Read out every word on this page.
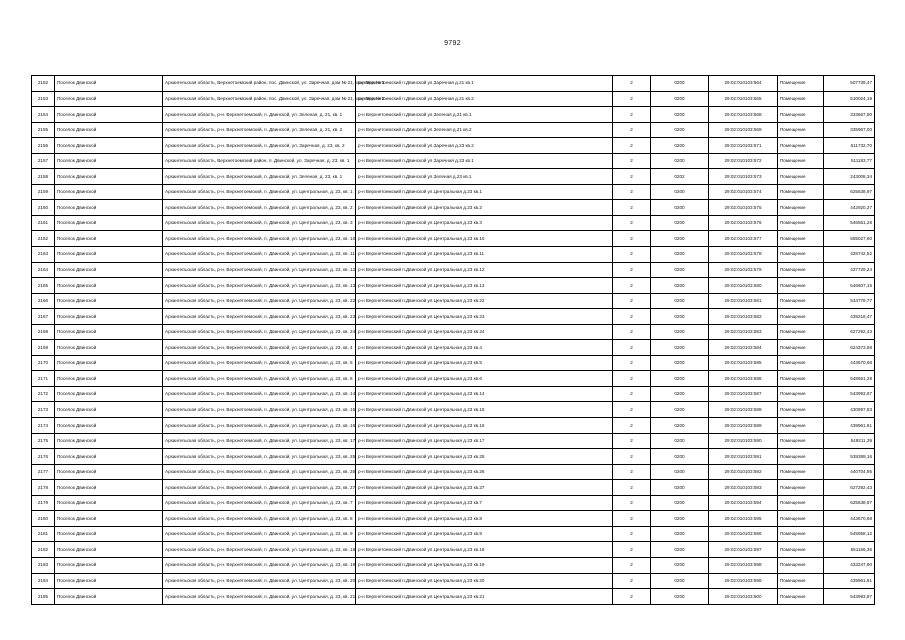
9792
2152	Поселок Двинской	Архангельская область, Верхнетоемский район, пос. Двинской, ул. Заречная, дом № 21, квартира № 1	р-н Верхнетоемский п.Двинской ул.Заречная д.21 кв.1	2	0200	29:02:010103:564	Помещение	507739,47
2153	Поселок Двинской	Архангельская область, Верхнетоемский район, пос. Двинской, ул. Заречная, дом № 21, квартира № 2	р-н Верхнетоемский п.Двинской ул.Заречная д.21 кв.2	2	0200	29:02:010103:565	Помещение	510024,19
2154	Поселок Двинской	Архангельская область, р-н. Верхнетоемский, п. Двинской, ул. Зеленая, д. 21, кв. 1	р-н Верхнетоемский п.Двинской ул.Зеленая д.21 кв.1	2	0200	29:02:010103:568	Помещение	333667,90
2155	Поселок Двинской	Архангельская область, р-н. Верхнетоемский, п. Двинской, ул. Зеленая, д. 21, кв. 2	р-н Верхнетоемский п.Двинской ул.Зеленая д.21 кв.2	2	0200	29:02:010103:569	Помещение	335967,00
2156	Поселок Двинской	Архангельская область, р-н. Верхнетоемский, п. Двинской, ул. Заречная, д. 23, кв. 2	р-н Верхнетоемский п.Двинской ул.Заречная д.23 кв.2	2	0200	29:02:010103:571	Помещение	511732,70
2157	Поселок Двинской	Архангельская область, Верхнетоемский район, п. Двинской, ул. Заречная, д. 23, кв. 1	р-н Верхнетоемский п.Двинской ул.Заречная д.23 кв.1	2	0200	29:02:010103:572	Помещение	511183,77
2158	Поселок Двинской	Архангельская область, р-н. Верхнетоемский, п. Двинской, ул. Зеленая, д. 23, кв. 1	р-н Верхнетоемский п.Двинской ул.Зеленая д.23 кв.1	2	0202	29:02:010103:573	Помещение	243008,34
2159	Поселок Двинской	Архангельская область, р-н. Верхнетоемский, п. Двинской, ул. Центральная, д. 23, кв. 1	р-н Верхнетоемский п.Двинской ул.Центральная д.23 кв.1	2	0200	29:02:010103:574	Помещение	625638,97
2160	Поселок Двинской	Архангельская область, р-н. Верхнетоемский, п. Двинской, ул. Центральная, д. 23, кв. 2	р-н Верхнетоемский п.Двинской ул.Центральная д.23 кв.2	2	0200	29:02:010103:575	Помещение	442920,27
2161	Поселок Двинской	Архангельская область, р-н. Верхнетоемский, п. Двинской, ул. Центральная, д. 23, кв. 3	р-н Верхнетоемский п.Двинской ул.Центральная д.23 кв.3	2	0200	29:02:010103:576	Помещение	546561,28
2162	Поселок Двинской	Архангельская область, р-н. Верхнетоемский, п. Двинской, ул. Центральная, д. 23, кв. 10	р-н Верхнетоемский п.Двинской ул.Центральная д.23 кв.10	2	0200	29:02:010103:577	Помещение	555027,60
2163	Поселок Двинской	Архангельская область, р-н. Верхнетоемский, п. Двинской, ул. Центральная, д. 23, кв. 11	р-н Верхнетоемский п.Двинской ул.Центральная д.23 кв.11	2	0200	29:02:010103:578	Помещение	428742,52
2164	Поселок Двинской	Архангельская область, р-н. Верхнетоемский, п. Двинской, ул. Центральная, д. 23, кв. 12	р-н Верхнетоемский п.Двинской ул.Центральная д.23 кв.12	2	0200	29:02:010103:579	Помещение	437729,24
2165	Поселок Двинской	Архангельская область, р-н. Верхнетоемский, п. Двинской, ул. Центральная, д. 23, кв. 13	р-н Верхнетоемский п.Двинской ул.Центральная д.23 кв.13	2	0200	29:02:010103:580	Помещение	546607,15
2166	Поселок Двинской	Архангельская область, р-н. Верхнетоемский, п. Двинской, ул. Центральная, д. 23, кв. 22	р-н Верхнетоемский п.Двинской ул.Центральная д.23 кв.22	2	0200	29:02:010103:581	Помещение	534778,77
2167	Поселок Двинской	Архангельская область, р-н. Верхнетоемский, п. Двинской, ул. Центральная, д. 23, кв. 23	р-н Верхнетоемский п.Двинской ул.Центральная д.23 кв.23	2	0200	29:02:010103:582	Помещение	439218,47
2168	Поселок Двинской	Архангельская область, р-н. Верхнетоемский, п. Двинской, ул. Центральная, д. 23, кв. 24	р-н Верхнетоемский п.Двинской ул.Центральная д.23 кв.24	2	0200	29:02:010103:583	Помещение	627292,43
2169	Поселок Двинской	Архангельская область, р-н. Верхнетоемский, п. Двинской, ул. Центральная, д. 23, кв. 4	р-н Верхнетоемский п.Двинской ул.Центральная д.23 кв.4	2	0200	29:02:010103:584	Помещение	624373,58
2170	Поселок Двинской	Архангельская область, р-н. Верхнетоемский, п. Двинской, ул. Центральная, д. 23, кв. 5	р-н Верхнетоемский п.Двинской ул.Центральная д.23 кв.5	2	0200	29:02:010103:585	Помещение	443670,68
2171	Поселок Двинской	Архангельская область, р-н. Верхнетоемский, п. Двинской, ул. Центральная, д. 23, кв. 6	р-н Верхнетоемский п.Двинской ул.Центральная д.23 кв.6	2	0200	29:02:010103:586	Помещение	548561,28
2172	Поселок Двинской	Архангельская область, р-н. Верхнетоемский, п. Двинской, ул. Центральная, д. 23, кв. 14	р-н Верхнетоемский п.Двинской ул.Центральная д.23 кв.14	2	0200	29:02:010103:587	Помещение	543993,87
2173	Поселок Двинской	Архангельская область, р-н. Верхнетоемский, п. Двинской, ул. Центральная, д. 23, кв. 15	р-н Верхнетоемский п.Двинской ул.Центральная д.23 кв.15	2	0200	29:02:010103:588	Помещение	430997,83
2174	Поселок Двинской	Архангельская область, р-н. Верхнетоемский, п. Двинской, ул. Центральная, д. 23, кв. 16	р-н Верхнетоемский п.Двинской ул.Центральная д.23 кв.16	2	0200	29:02:010103:589	Помещение	439961,81
2175	Поселок Двинской	Архангельская область, р-н. Верхнетоемский, п. Двинской, ул. Центральная, д. 23, кв. 17	р-н Верхнетоемский п.Двинской ул.Центральная д.23 кв.17	2	0200	29:02:010103:590	Помещение	549211,39
2176	Поселок Двинской	Архангельская область, р-н. Верхнетоемский, п. Двинской, ул. Центральная, д. 23, кв. 25	р-н Верхнетоемский п.Двинской ул.Центральная д.23 кв.25	2	0200	29:02:010103:591	Помещение	539389,16
2177	Поселок Двинской	Архангельская область, р-н. Верхнетоемский, п. Двинской, ул. Центральная, д. 23, кв. 26	р-н Верхнетоемский п.Двинской ул.Центральная д.23 кв.26	2	0200	29:02:010103:592	Помещение	440704,95
2178	Поселок Двинской	Архангельская область, р-н. Верхнетоемский, п. Двинской, ул. Центральная, д. 23, кв. 27	р-н Верхнетоемский п.Двинской ул.Центральная д.23 кв.27	2	0200	29:02:010103:593	Помещение	627292,43
2179	Поселок Двинской	Архангельская область, р-н. Верхнетоемский, п. Двинской, ул. Центральная, д. 23, кв. 7	р-н Верхнетоемский п.Двинской ул.Центральная д.23 кв.7	2	0200	29:02:010103:594	Помещение	625638,97
2180	Поселок Двинской	Архангельская область, р-н. Верхнетоемский, п. Двинской, ул. Центральная, д. 23, кв. 8	р-н Верхнетоемский п.Двинской ул.Центральная д.23 кв.8	2	0200	29:02:010103:595	Помещение	443670,68
2181	Поселок Двинской	Архангельская область, р-н. Верхнетоемский, п. Двинской, ул. Центральная, д. 23, кв. 9	р-н Верхнетоемский п.Двинской ул.Центральная д.23 кв.9	2	0200	29:02:010103:596	Помещение	545958,12
2182	Поселок Двинской	Архангельская область, р-н. Верхнетоемский, п. Двинской, ул. Центральная, д. 23, кв. 18	р-н Верхнетоемский п.Двинской ул.Центральная д.23 кв.18	2	0200	29:02:010103:597	Помещение	551156,36
2183	Поселок Двинской	Архангельская область, р-н. Верхнетоемский, п. Двинской, ул. Центральная, д. 23, кв. 19	р-н Верхнетоемский п.Двинской ул.Центральная д.23 кв.19	2	0200	29:02:010103:598	Помещение	433247,90
2184	Поселок Двинской	Архангельская область, р-н. Верхнетоемский, п. Двинской, ул. Центральная, д. 23, кв. 20	р-н Верхнетоемский п.Двинской ул.Центральная д.23 кв.20	2	0200	29:02:010103:599	Помещение	439961,81
2185	Поселок Двинской	Архангельская область, р-н. Верхнетоемский, п. Двинской, ул. Центральная, д. 23, кв. 21	р-н Верхнетоемский п.Двинской ул.Центральная д.23 кв.21	2	0200	29:02:010103:600	Помещение	543993,87
